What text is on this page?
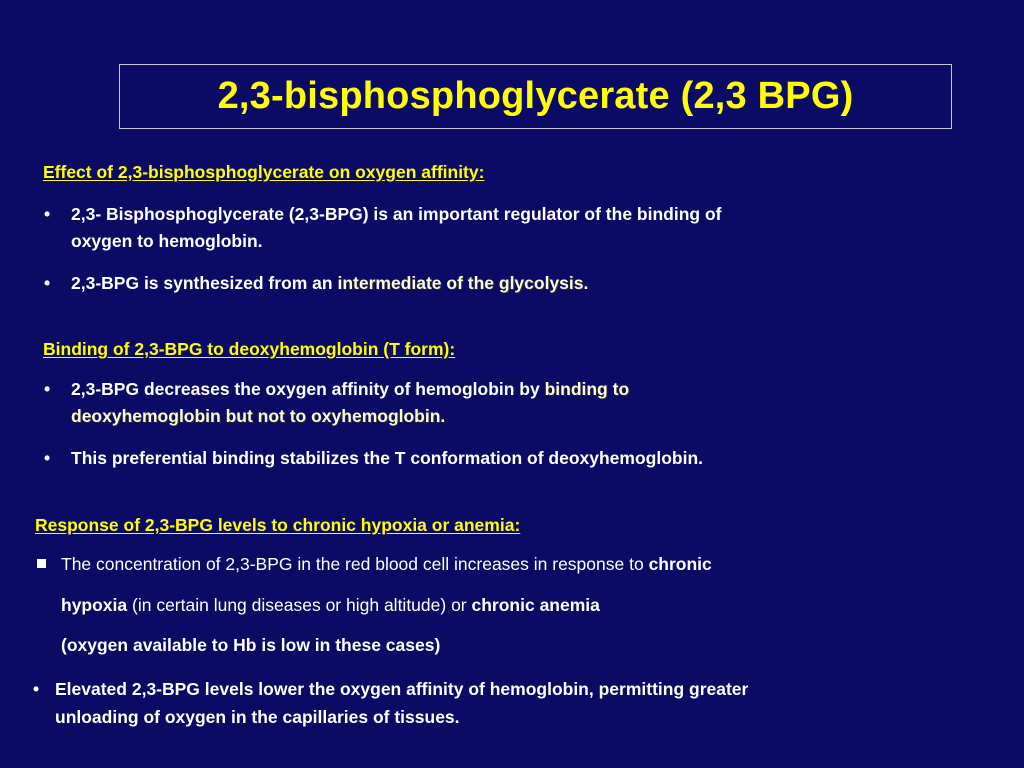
2,3-bisphosphoglycerate (2,3 BPG)
Effect of 2,3-bisphosphoglycerate on oxygen affinity:
• 2,3- Bisphosphoglycerate (2,3-BPG) is an important regulator of the binding of
oxygen to hemoglobin.
• 2,3-BPG is synthesized from an intermediate of the glycolysis.
Binding of 2,3-BPG to deoxyhemoglobin (T form):
• 2,3-BPG decreases the oxygen affinity of hemoglobin by binding to
deoxyhemoglobin but not to oxyhemoglobin.
• This preferential binding stabilizes the T conformation of deoxyhemoglobin.
Response of 2,3-BPG levels to chronic hypoxia or anemia:
The concentration of 2,3-BPG in the red blood cell increases in response to chronic
hypoxia (in certain lung diseases or high altitude) or chronic anemia
(oxygen available to Hb is low in these cases)
• Elevated 2,3-BPG levels lower the oxygen affinity of hemoglobin, permitting greater
unloading of oxygen in the capillaries of tissues.
